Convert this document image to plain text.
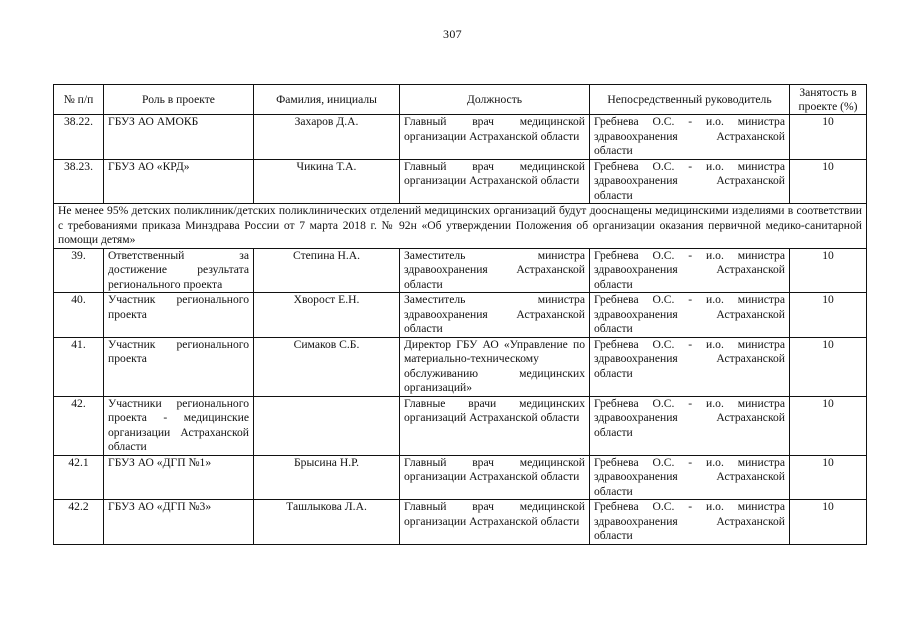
307
№ п/п	Роль в проекте	Фамилия, инициалы	Должность	Непосредственный руководитель	Занятость в проекте (%)
38.22.	ГБУЗ АО АМОКБ	Захаров Д.А.	Главный врач медицинской организации Астраханской области	Гребнева О.С. - и.о. министра здравоохранения Астраханской области	10
38.23.	ГБУЗ АО «КРД»	Чикина Т.А.	Главный врач медицинской организации Астраханской области	Гребнева О.С. - и.о. министра здравоохранения Астраханской области	10
Не менее 95% детских поликлиник/детских поликлинических отделений медицинских организаций будут дооснащены медицинскими изделиями в соответствии с требованиями приказа Минздрава России от 7 марта 2018 г. № 92н «Об утверждении Положения об организации оказания первичной медико-санитарной помощи детям»					
39.	Ответственный за достижение результата регионального проекта	Степина Н.А.	Заместитель министра здравоохранения Астраханской области	Гребнева О.С. - и.о. министра здравоохранения Астраханской области	10
40.	Участник регионального проекта	Хворост Е.Н.	Заместитель министра здравоохранения Астраханской области	Гребнева О.С. - и.о. министра здравоохранения Астраханской области	10
41.	Участник регионального проекта	Симаков С.Б.	Директор ГБУ АО «Управление по материально-техническому обслуживанию медицинских организаций»	Гребнева О.С. - и.о. министра здравоохранения Астраханской области	10
42.	Участники регионального проекта - медицинские организации Астраханской области		Главные врачи медицинских организаций Астраханской области	Гребнева О.С. - и.о. министра здравоохранения Астраханской области	10
42.1	ГБУЗ АО «ДГП №1»	Брысина Н.Р.	Главный врач медицинской организации Астраханской области	Гребнева О.С. - и.о. министра здравоохранения Астраханской области	10
42.2	ГБУЗ АО «ДГП №3»	Ташлыкова Л.А.	Главный врач медицинской организации Астраханской области	Гребнева О.С. - и.о. министра здравоохранения Астраханской области	10
